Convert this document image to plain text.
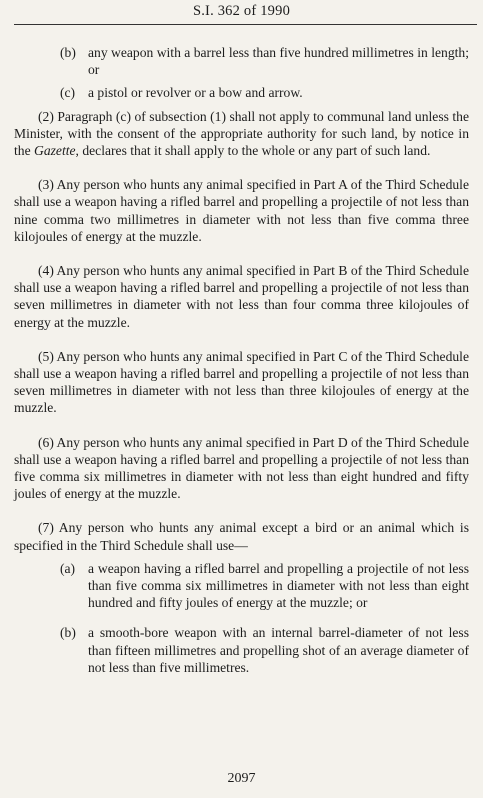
S.I. 362 of 1990
(b) any weapon with a barrel less than five hundred millimetres in length; or
(c) a pistol or revolver or a bow and arrow.

(2) Paragraph (c) of subsection (1) shall not apply to communal land unless the Minister, with the consent of the appropriate authority for such land, by notice in the Gazette, declares that it shall apply to the whole or any part of such land.

(3) Any person who hunts any animal specified in Part A of the Third Schedule shall use a weapon having a rifled barrel and propelling a projectile of not less than nine comma two millimetres in diameter with not less than five comma three kilojoules of energy at the muzzle.

(4) Any person who hunts any animal specified in Part B of the Third Schedule shall use a weapon having a rifled barrel and propelling a projectile of not less than seven millimetres in diameter with not less than four comma three kilojoules of energy at the muzzle.

(5) Any person who hunts any animal specified in Part C of the Third Schedule shall use a weapon having a rifled barrel and propelling a projectile of not less than seven millimetres in diameter with not less than three kilojoules of energy at the muzzle.

(6) Any person who hunts any animal specified in Part D of the Third Schedule shall use a weapon having a rifled barrel and propelling a projectile of not less than five comma six millimetres in diameter with not less than eight hundred and fifty joules of energy at the muzzle.

(7) Any person who hunts any animal except a bird or an animal which is specified in the Third Schedule shall use—

(a) a weapon having a rifled barrel and propelling a projectile of not less than five comma six millimetres in diameter with not less than eight hundred and fifty joules of energy at the muzzle; or
(b) a smooth-bore weapon with an internal barrel-diameter of not less than fifteen millimetres and propelling shot of an average diameter of not less than five millimetres.
2097
